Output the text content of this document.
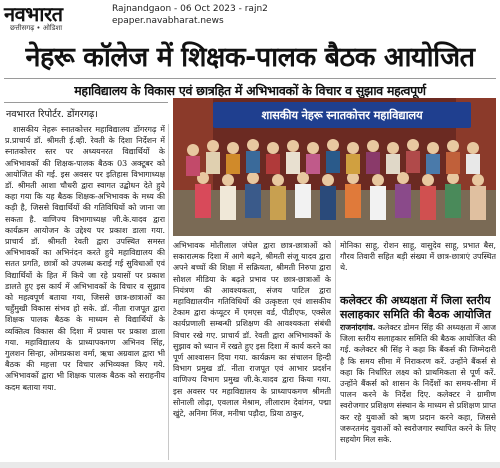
नवभारत
छत्तीसगढ़ • ओडिशा
Rajnandgaon - 06 Oct 2023 - rajn2
epaper.navabharat.news
नेहरू कॉलेज में शिक्षक-पालक बैठक आयोजित
महाविद्यालय के विकास एवं छात्रहित में अभिभावकों के विचार व सुझाव महत्वपूर्ण
नवभारत रिपोर्टर. डोंगरगढ़।

शासकीय नेहरू स्नातकोत्तर महाविद्यालय डोंगरगढ़ में प्र.प्राचार्य डॉ. श्रीमती ई.व्ही. रेवती के दिशा निर्देशन में स्नातकोत्तर स्तर पर अध्ययनरत विद्यार्थियों के अभिभावकों की शिक्षक-पालक बैठक 03 अक्टूबर को आयोजित की गई. इस अवसर पर इतिहास विभागाध्यक्ष डॉ. श्रीमती आशा चौधरी द्वारा स्वागत उद्बोधन देते हुये कहा गया कि यह बैठक शिक्षक-अभिभावक के मध्य की कड़ी है, जिससे विद्यार्थियों की गतिविधियों को जाना जा सकता है. वाणिज्य विभागाध्यक्ष जी.के.यादव द्वारा कार्यक्रम आयोजन के उद्देश्य पर प्रकाश डाला गया. प्राचार्य डॉ. श्रीमती रेवती द्वारा उपस्थित समस्त अभिभावकों का अभिनंदन करते हुये महाविद्यालय की सतत प्रगति, छात्रों को उपलब्ध कराई गई सुविधाओं एवं विद्यार्थियों के हित में किये जा रहे प्रयासों पर प्रकाश डालते हुए इस कार्य में अभिभावकों के विचार व सुझाव को महत्वपूर्ण बताया गया, जिससे छात्र-छात्राओं का चहुँमुखी विकास संभव हो सके. डॉ. नीता राजपूत द्वारा शिक्षक पालक बैठक के माध्यम से विद्यार्थियों के व्यक्तित्व विकास की दिशा में प्रयास पर प्रकाश डाला गया. महाविद्यालय के प्राध्यापकगण अभिनव सिंह, गुलशन सिन्हा, ओमप्रकाश वर्मा, ऋचा अग्रवाल द्वारा भी बैठक की महत्ता पर विचार अभिव्यक्त किए गये. अभिभावकों द्वारा भी शिक्षक पालक बैठक को सराहनीय कदम बताया गया.

शासकीय नेहरू स्नातकोत्तर महाविद्यालय

अभिभावक मोतीलाल जंघेल द्वारा छात्र-छात्राओं को सकारात्मक दिशा में आगे बढ़ने, श्रीमती संजू यादव द्वारा अपने बच्चों की शिक्षा में सक्रियता, श्रीमती निरुपा द्वारा सोशल मीडिया के बढ़ते प्रभाव पर छात्र-छात्राओं के नियंत्रण की आवश्यकता, संजय पाटिल द्वारा महाविद्यालयीन गतिविधियों की उत्कृष्टता एवं शासकीय टेकाम द्वारा कंप्यूटर में एमएस वर्ड, पीडीएफ, एक्सेल कार्यप्रणाली सम्बन्धी प्रशिक्षण की आवश्यकता संबंधी विचार रखे गए. प्राचार्य डॉ. रेवती द्वारा अभिभावकों के सुझाव को ध्यान में रखते हुए इस दिशा में कार्य करने का पूर्ण आश्वासन दिया गया. कार्यक्रम का संचालन हिन्दी विभाग प्रमुख डॉ. नीता राजपूत एवं आभार प्रदर्शन वाणिज्य विभाग प्रमुख जी.के.यादव द्वारा किया गया. इस अवसर पर महाविद्यालय के प्राध्यापकगण श्रीमती सोनाली लोढ़ा, एवलाल मेश्राम, लीलाराम देवांगन, पद्मा खुंटे, अनिमा मिंज, मनीषा पड़ौदा, प्रिया ठाकुर,

मोनिका साहू, रोशन साहू, वासुदेव साहू, प्रभात बैस, गौरव तिवारी सहित बड़ी संख्या में छात्र-छात्राएं उपस्थित थे.

कलेक्टर की अध्यक्षता में जिला स्तरीय सलाहकार समिति की बैठक आयोजित

राजनांदगांव. कलेक्टर डोमन सिंह की अध्यक्षता में आज जिला स्तरीय सलाहकार समिति की बैठक आयोजित की गई. कलेक्टर श्री सिंह ने कहा कि बैंकर्स की जिम्मेदारी है कि समय सीमा में निराकरण करें. उन्होंने बैंकर्स से कहा कि निर्धारित लक्ष्य को प्राथमिकता से पूर्ण करें. उन्होंने बैंकर्स को शासन के निर्देशों का समय-सीमा में पालन करने के निर्देश दिए. कलेक्टर ने ग्रामीण स्वरोजगार प्रशिक्षण संस्थान के माध्यम से प्रशिक्षण प्राप्त कर रहे युवाओं को ऋण प्रदान करने कहा, जिससे जरूरतमंद युवाओं को स्वरोजगार स्थापित करने के लिए सहयोग मिल सके.
